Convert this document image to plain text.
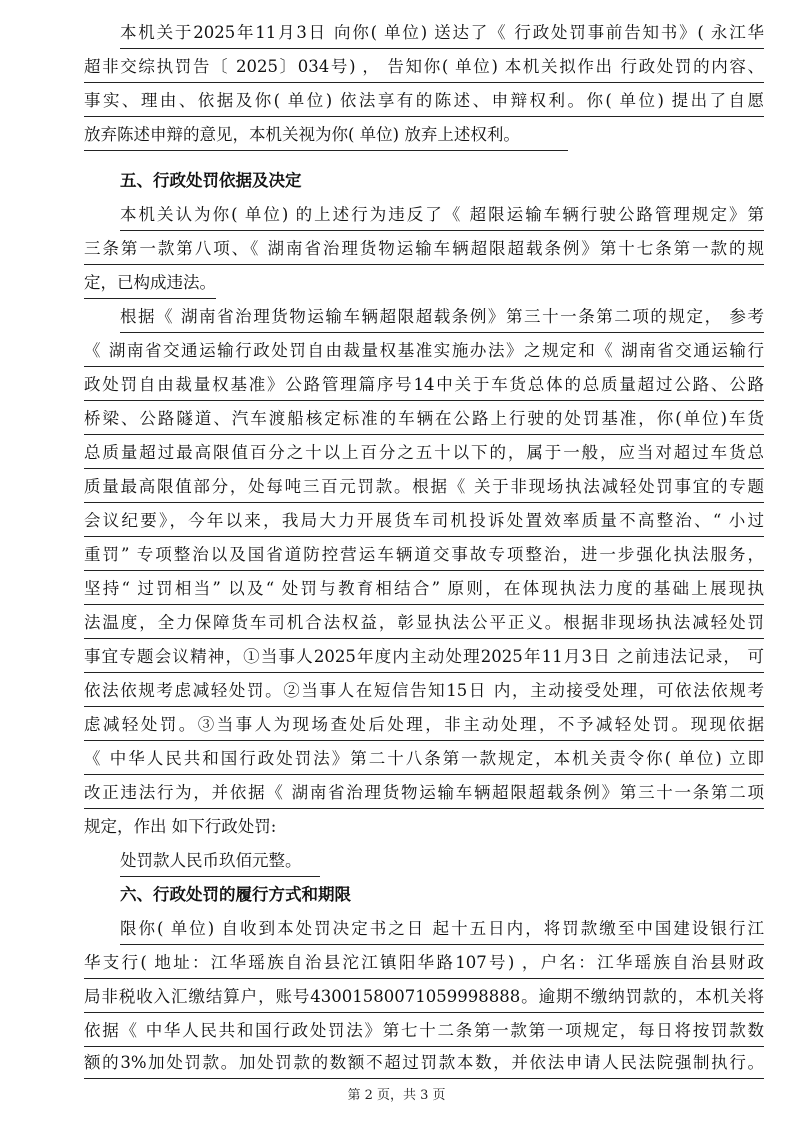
本机关于2025年11月3日 向你( 单位) 送达了《 行政处罚事前告知书》( 永江华
超非交综执罚告〔 2025〕034号) ， 告知你( 单位) 本机关拟作出 行政处罚的内容、
事实、理由、依据及你( 单位) 依法享有的陈述、申辩权利。你( 单位) 提出了自愿
放弃陈述申辩的意见，本机关视为你( 单位) 放弃上述权利。
五、行政处罚依据及决定
本机关认为你( 单位) 的上述行为违反了《 超限运输车辆行驶公路管理规定》第
三条第一款第八项、《 湖南省治理货物运输车辆超限超载条例》第十七条第一款的规
定，已构成违法。
根据《 湖南省治理货物运输车辆超限超载条例》第三十一条第二项的规定， 参考
《 湖南省交通运输行政处罚自由裁量权基准实施办法》之规定和《 湖南省交通运输行
政处罚自由裁量权基准》公路管理篇序号14中关于车货总体的总质量超过公路、公路
桥梁、公路隧道、汽车渡船核定标准的车辆在公路上行驶的处罚基准，你(单位)车货
总质量超过最高限值百分之十以上百分之五十以下的，属于一般，应当对超过车货总
质量最高限值部分，处每吨三百元罚款。根据《 关于非现场执法减轻处罚事宜的专题
会议纪要》，今年以来，我局大力开展货车司机投诉处置效率质量不高整治、“ 小过
重罚” 专项整治以及国省道防控营运车辆道交事故专项整治，进一步强化执法服务，
坚持“ 过罚相当” 以及“ 处罚与教育相结合” 原则，在体现执法力度的基础上展现执
法温度，全力保障货车司机合法权益，彰显执法公平正义。根据非现场执法减轻处罚
事宜专题会议精神，①当事人2025年度内主动处理2025年11月3日 之前违法记录， 可
依法依规考虑减轻处罚。②当事人在短信告知15日 内，主动接受处理，可依法依规考
虑减轻处罚。③当事人为现场查处后处理，非主动处理，不予减轻处罚。现现依据
《 中华人民共和国行政处罚法》第二十八条第一款规定，本机关责令你( 单位) 立即
改正违法行为，并依据《 湖南省治理货物运输车辆超限超载条例》第三十一条第二项
规定，作出 如下行政处罚:
处罚款人民币玖佰元整。
六、行政处罚的履行方式和期限
限你( 单位) 自收到本处罚决定书之日 起十五日内，将罚款缴至中国建设银行江
华支行( 地址：江华瑶族自治县沱江镇阳华路107号) ，户名：江华瑶族自治县财政
局非税收入汇缴结算户，账号43001580071059998888。逾期不缴纳罚款的，本机关将
依据《 中华人民共和国行政处罚法》第七十二条第一款第一项规定，每日将按罚款数
额的3%加处罚款。加处罚款的数额不超过罚款本数，并依法申请人民法院强制执行。
第 2 页，共 3 页
